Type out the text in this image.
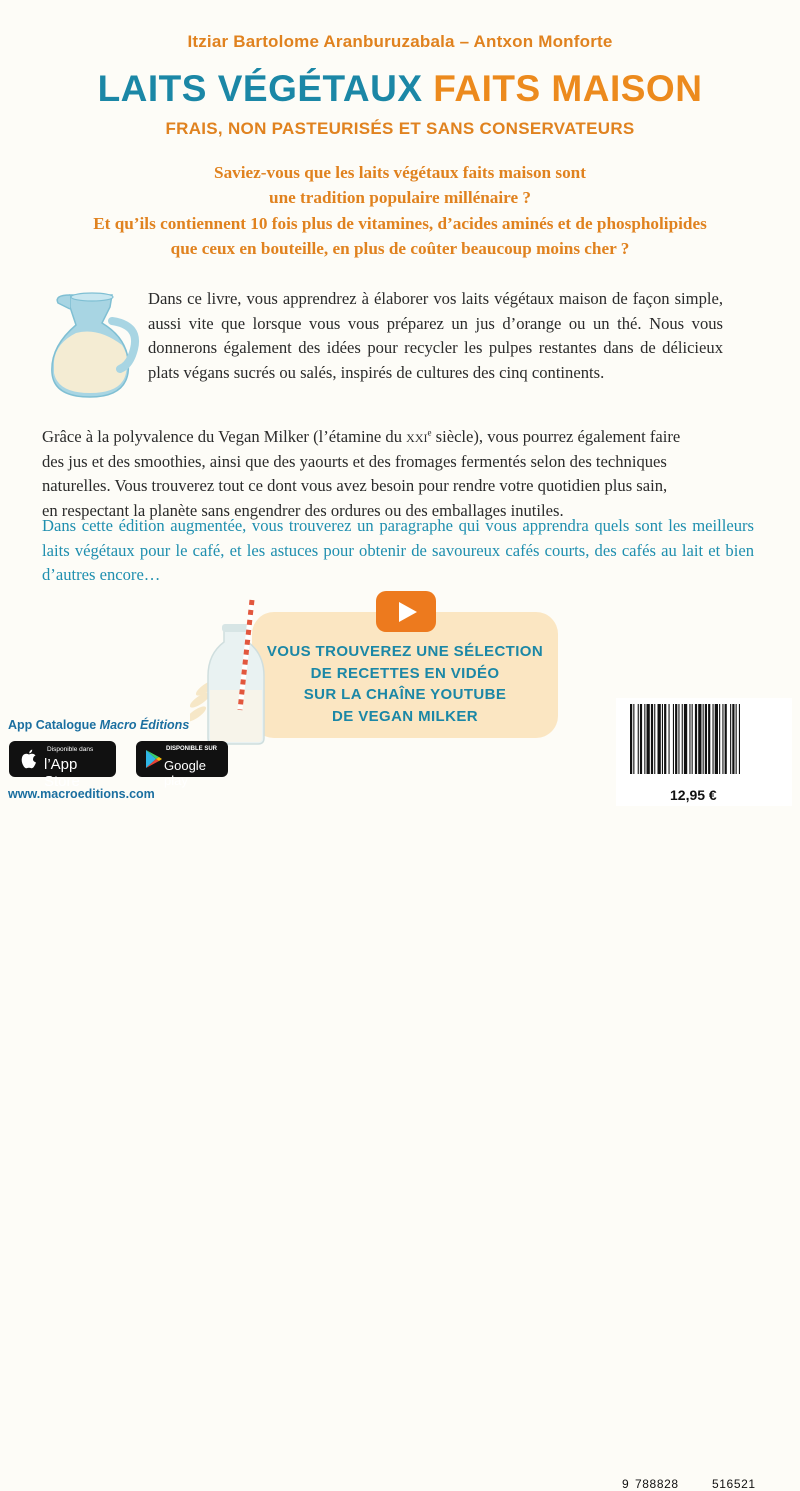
Itziar Bartolome Aranburuzabala – Antxon Monforte
LAITS VÉGÉTAUX FAITS MAISON
FRAIS, NON PASTEURISÉS ET SANS CONSERVATEURS
Saviez-vous que les laits végétaux faits maison sont
une tradition populaire millénaire ?
Et qu’ils contiennent 10 fois plus de vitamines, d’acides aminés et de phospholipides
que ceux en bouteille, en plus de coûter beaucoup moins cher ?
Dans ce livre, vous apprendrez à élaborer vos laits végétaux maison de façon simple, aussi vite que lorsque vous vous préparez un jus d’orange ou un thé. Nous vous donnerons également des idées pour recycler les pulpes restantes dans de délicieux plats végans sucrés ou salés, inspirés de cultures des cinq continents.
Grâce à la polyvalence du Vegan Milker (l’étamine du xxi$^e$ siècle), vous pourrez également faire
des jus et des smoothies, ainsi que des yaourts et des fromages fermentés selon des techniques
naturelles. Vous trouverez tout ce dont vous avez besoin pour rendre votre quotidien plus sain,
en respectant la planète sans engendrer des ordures ou des emballages inutiles.
Dans cette édition augmentée, vous trouverez un paragraphe qui vous apprendra quels sont les meilleurs laits végétaux pour le café, et les astuces pour obtenir de savoureux cafés courts, des cafés au lait et bien d’autres encore…
VOUS TROUVEREZ UNE SÉLECTION
DE RECETTES EN VIDÉO
SUR LA CHAÎNE YOUTUBE
DE VEGAN MILKER
App Catalogue Macro Éditions
Disponible dans
l’App Store
DISPONIBLE SUR
Google play
www.macroeditions.com
9 788828	516521
12,95 €
